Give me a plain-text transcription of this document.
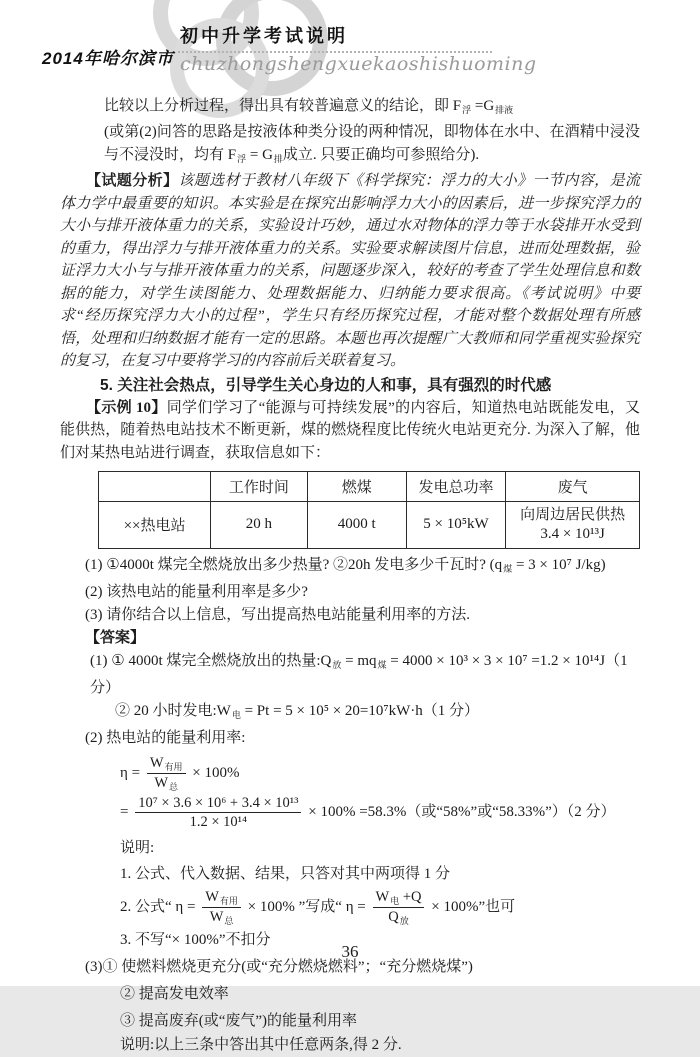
初中升学考试说明
2014年哈尔滨市 chuzhongshengxuekaoshishuoming

比较以上分析过程，得出具有较普遍意义的结论，即 $F_浮 =G_{排液}$

(或第(2)问答的思路是按液体种类分设的两种情况，即物体在水中、在酒精中浸没与不浸没时，均有 $F_浮 = G_排$成立. 只要正确均可参照给分).

【试题分析】该题选材于教材八年级下《科学探究：浮力的大小》一节内容，是流体力学中最重要的知识。本实验是在探究出影响浮力大小的因素后，进一步探究浮力的大小与排开液体重力的关系，实验设计巧妙，通过水对物体的浮力等于水袋排开水受到的重力，得出浮力与排开液体重力的关系。实验要求解读图片信息，进而处理数据，验证浮力大小与与排开液体重力的关系，问题逐步深入，较好的考查了学生处理信息和数据的能力，对学生读图能力、处理数据能力、归纳能力要求很高。《考试说明》中要求“经历探究浮力大小的过程”，学生只有经历探究过程，才能对整个数据处理有所感悟，处理和归纳数据才能有一定的思路。本题也再次提醒广大教师和同学重视实验探究的复习，在复习中要将学习的内容前后关联着复习。

5. 关注社会热点，引导学生关心身边的人和事，具有强烈的时代感

【示例 10】同学们学习了“能源与可持续发展”的内容后，知道热电站既能发电，又能供热，随着热电站技术不断更新，煤的燃烧程度比传统火电站更充分. 为深入了解，他们对某热电站进行调查，获取信息如下：

	工作时间	燃煤	发电总功率	废气
××热电站	20 h	4000 t	5 × 10⁵kW	向周边居民供热
3.4 × 10¹³J

(1) ①4000t 煤完全燃烧放出多少热量? ②20h 发电多少千瓦时? ($q_煤 = 3 \times 10^7$ J/kg)

(2) 该热电站的能量利用率是多少?

(3) 请你结合以上信息，写出提高热电站能量利用率的方法.

【答案】

(1) ① 4000t 煤完全燃烧放出的热量$:Q_放 = mq_煤 = 4000 \times 10^3 \times 3 \times 10^7 =1.2 \times 10^{14}J(1$分）

② 20 小时发电$:W_电 = Pt = 5 \times 10^5 \times 20=10^7kW\cdot h(1$ 分）

(2) 热电站的能量利用率:

$\eta = \frac{W_{有用}}{W_总} \times 100\%$

= $\frac{\text{10⁷ × 3.6 × 10⁶ + 3.4 × 10¹³}}{\text{1.2 × 10¹⁴}} \times 100\% =58.3\%$（或“58%”或“58.33%”）（2 分）

说明:

1. 公式、代入数据、结果，只答对其中两项得 1 分

2. 公式“ $\eta = \frac{W_{有用}}{W_总} \times 100\%$ ”写成“ $\eta = \frac{W_电 +Q}{Q_放} \times 100\%$”也可

3. 不写“× 100%”不扣分

(3)① 使燃料燃烧更充分(或“充分燃烧燃料”；“充分燃烧煤”)

② 提高发电效率

③ 提高废弃(或“废气”)的能量利用率

说明:以上三条中答出其中任意两条,得 2 分.

36
